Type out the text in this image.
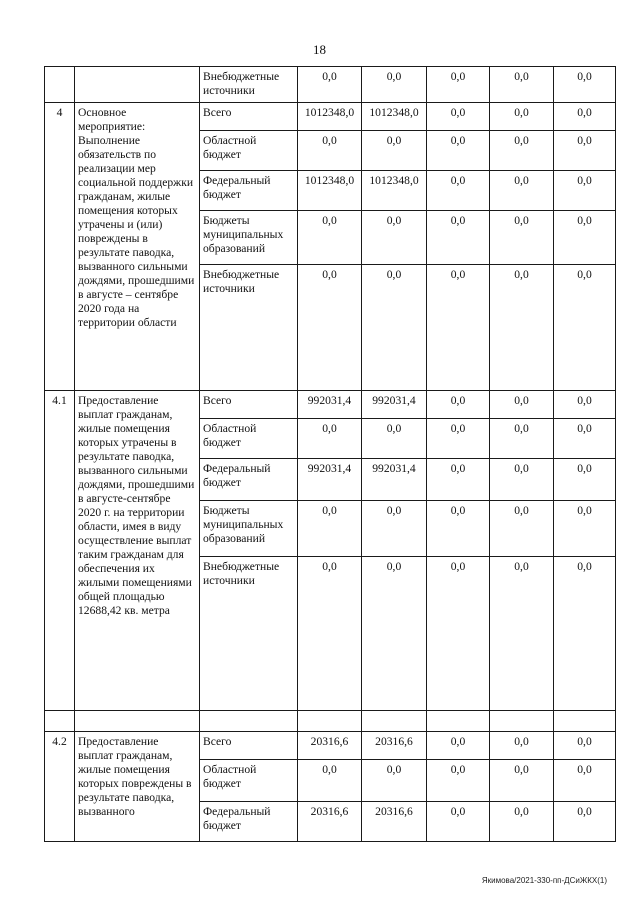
18
		Внебюджетные источники	0,0	0,0	0,0	0,0	0,0
4	Основное мероприятие: Выполнение обязательств по реализации мер социальной поддержки гражданам, жилые помещения которых утрачены и (или) повреждены в результате паводка, вызванного сильными дождями, прошедшими в августе – сентябре 2020 года на территории области	Всего	1012348,0	1012348,0	0,0	0,0	0,0
		Областной бюджет	0,0	0,0	0,0	0,0	0,0
		Федеральный бюджет	1012348,0	1012348,0	0,0	0,0	0,0
		Бюджеты муниципальных образований	0,0	0,0	0,0	0,0	0,0
		Внебюджетные источники	0,0	0,0	0,0	0,0	0,0
4.1	Предоставление выплат гражданам, жилые помещения которых утрачены в результате паводка, вызванного сильными дождями, прошедшими в августе-сентябре 2020 г. на территории области, имея в виду осуществление выплат таким гражданам для обеспечения их жилыми помещениями общей площадью 12688,42 кв. метра	Всего	992031,4	992031,4	0,0	0,0	0,0
		Областной бюджет	0,0	0,0	0,0	0,0	0,0
		Федеральный бюджет	992031,4	992031,4	0,0	0,0	0,0
		Бюджеты муниципальных образований	0,0	0,0	0,0	0,0	0,0
		Внебюджетные источники	0,0	0,0	0,0	0,0	0,0

4.2	Предоставление выплат гражданам, жилые помещения которых повреждены в результате паводка, вызванного	Всего	20316,6	20316,6	0,0	0,0	0,0
		Областной бюджет	0,0	0,0	0,0	0,0	0,0
		Федеральный бюджет	20316,6	20316,6	0,0	0,0	0,0
Якимова/2021-330-пп-ДСиЖКХ(1)
